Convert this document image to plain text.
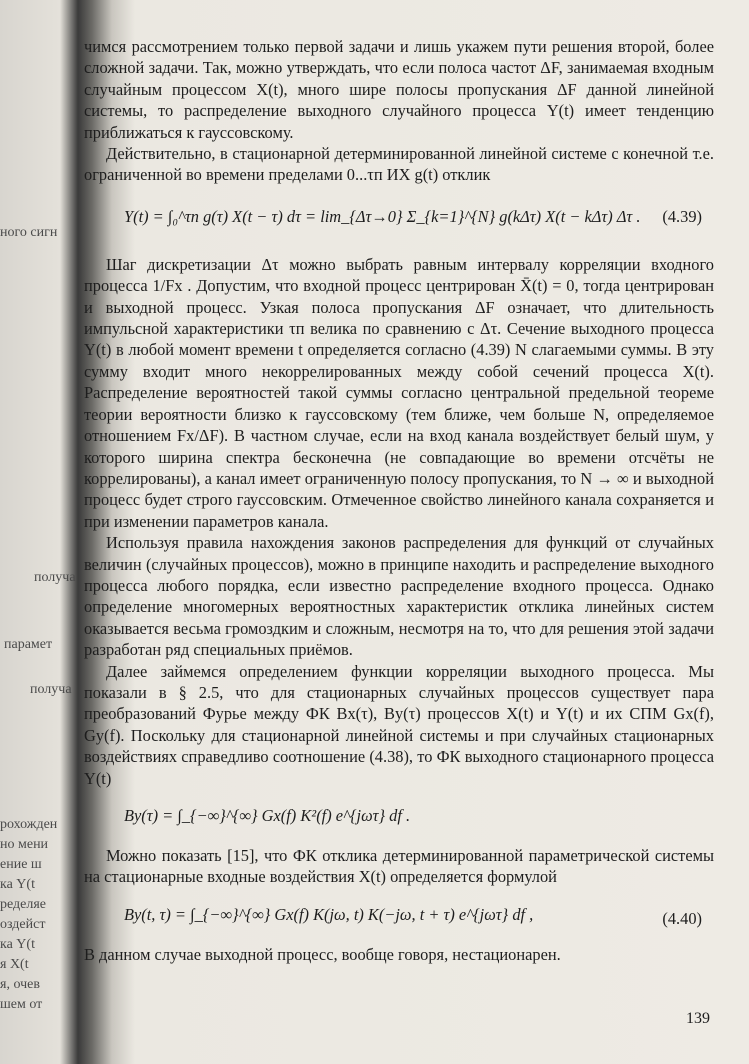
ного сигн
получа
парамет
получа
рохожден
но мени
ение ш
ка Y(t
ределяе
оздейст
ка Y(t
я X(t
я, очев
шем от

чимся рассмотрением только первой задачи и лишь укажем пути решения второй, более сложной задачи. Так, можно утверждать, что если полоса частот ΔF, занимаемая входным случайным процессом X(t), много шире полосы пропускания ΔF данной линейной системы, то распределение выходного случайного процесса Y(t) имеет тенденцию приближаться к гауссовскому.

Действительно, в стационарной детерминированной линейной системе с конечной т.е. ограниченной во времени пределами 0...τп ИХ g(t) отклик

Y(t) = ∫₀^τп g(τ) X(t − τ) dτ = lim_{Δτ→0} Σ_{k=1}^{N} g(kΔτ) X(t − kΔτ) Δτ . (4.39)

Шаг дискретизации Δτ можно выбрать равным интервалу корреляции входного процесса 1/Fx . Допустим, что входной процесс центрирован X̄(t) = 0, тогда центрирован и выходной процесс. Узкая полоса пропускания ΔF означает, что длительность импульсной характеристики τп велика по сравнению с Δτ. Сечение выходного процесса Y(t) в любой момент времени t определяется согласно (4.39) N слагаемыми суммы. В эту сумму входит много некоррелированных между собой сечений процесса X(t). Распределение вероятностей такой суммы согласно центральной предельной теореме теории вероятности близко к гауссовскому (тем ближе, чем больше N, определяемое отношением Fx/ΔF). В частном случае, если на вход канала воздействует белый шум, у которого ширина спектра бесконечна (не совпадающие во времени отсчёты не коррелированы), а канал имеет ограниченную полосу пропускания, то N → ∞ и выходной процесс будет строго гауссовским. Отмеченное свойство линейного канала сохраняется и при изменении параметров канала.

Используя правила нахождения законов распределения для функций от случайных величин (случайных процессов), можно в принципе находить и распределение выходного процесса любого порядка, если известно распределение входного процесса. Однако определение многомерных вероятностных характеристик отклика линейных систем оказывается весьма громоздким и сложным, несмотря на то, что для решения этой задачи разработан ряд специальных приёмов.

Далее займемся определением функции корреляции выходного процесса. Мы показали в § 2.5, что для стационарных случайных процессов существует пара преобразований Фурье между ФК Bx(τ), By(τ) процессов X(t) и Y(t) и их СПМ Gx(f), Gy(f). Поскольку для стационарной линейной системы и при случайных стационарных воздействиях справедливо соотношение (4.38), то ФК выходного стационарного процесса Y(t)

By(τ) = ∫_{−∞}^{∞} Gx(f) K²(f) e^{jωτ} df .

Можно показать [15], что ФК отклика детерминированной параметрической системы на стационарные входные воздействия X(t) определяется формулой

By(t, τ) = ∫_{−∞}^{∞} Gx(f) K(jω, t) K(−jω, t + τ) e^{jωτ} df ,	(4.40)

В данном случае выходной процесс, вообще говоря, нестационарен.

139
